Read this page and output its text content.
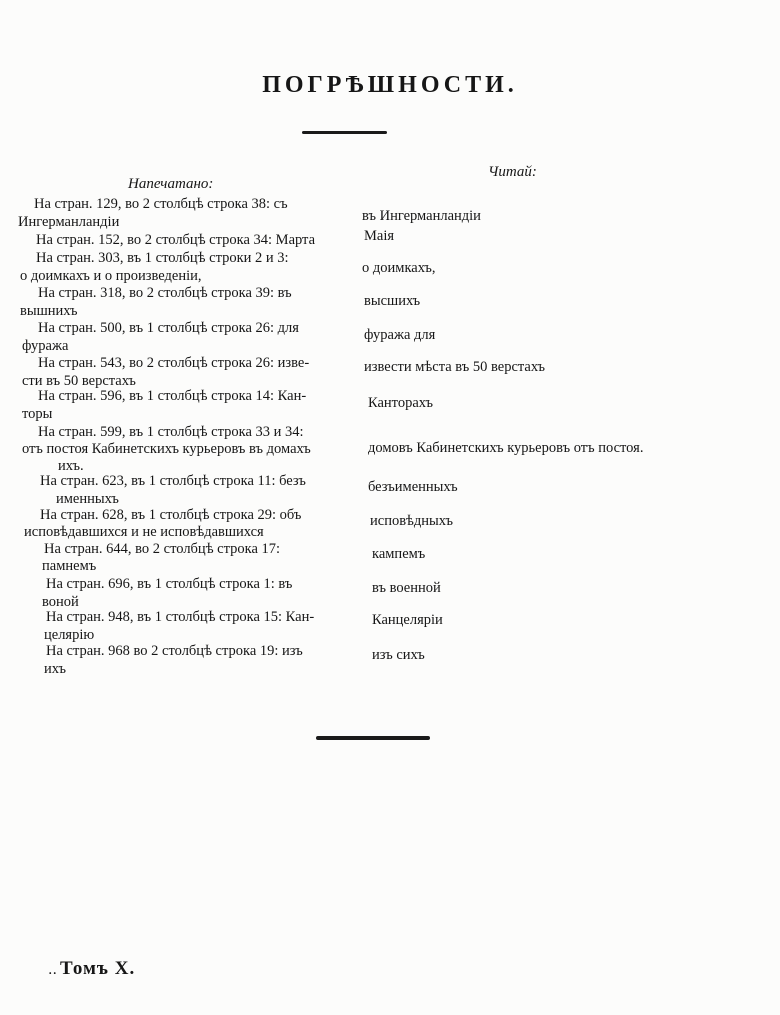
ПОГРѢШНОСТИ.
Напечатано:
Читай:
На стран. 129, во 2 столбцѣ строка 38: съ
Ингерманландіи
На стран. 152, во 2 столбцѣ строка 34: Марта
На стран. 303, въ 1 столбцѣ строки 2 и 3:
о доимкахъ и о произведеніи,
На стран. 318, во 2 столбцѣ строка 39: въ
вышнихъ
На стран. 500, въ 1 столбцѣ строка 26: для
фуража
На стран. 543, во 2 столбцѣ строка 26: изве-
сти въ 50 верстахъ
На стран. 596, въ 1 столбцѣ строка 14: Кан-
торы
На стран. 599, въ 1 столбцѣ строка 33 и 34:
отъ постоя Кабинетскихъ курьеровъ въ домахъ
ихъ.
На стран. 623, въ 1 столбцѣ строка 11: безъ
именныхъ
На стран. 628, въ 1 столбцѣ строка 29: объ
исповѣдавшихся и не исповѣдавшихся
На стран. 644, во 2 столбцѣ строка 17:
памнемъ
На стран. 696, въ 1 столбцѣ строка 1: въ
воной
На стран. 948, въ 1 столбцѣ строка 15: Кан-
целярію
На стран. 968 во 2 столбцѣ строка 19: изъ
ихъ
въ Ингерманландіи
Маія
о доимкахъ,
высшихъ
фуража для
извести мѣста въ 50 верстахъ
Канторахъ
домовъ Кабинетскихъ курьеровъ отъ постоя.
безъименныхъ
исповѣдныхъ
кампемъ
въ военной
Канцеляріи
изъ сихъ
.. Томъ X.
